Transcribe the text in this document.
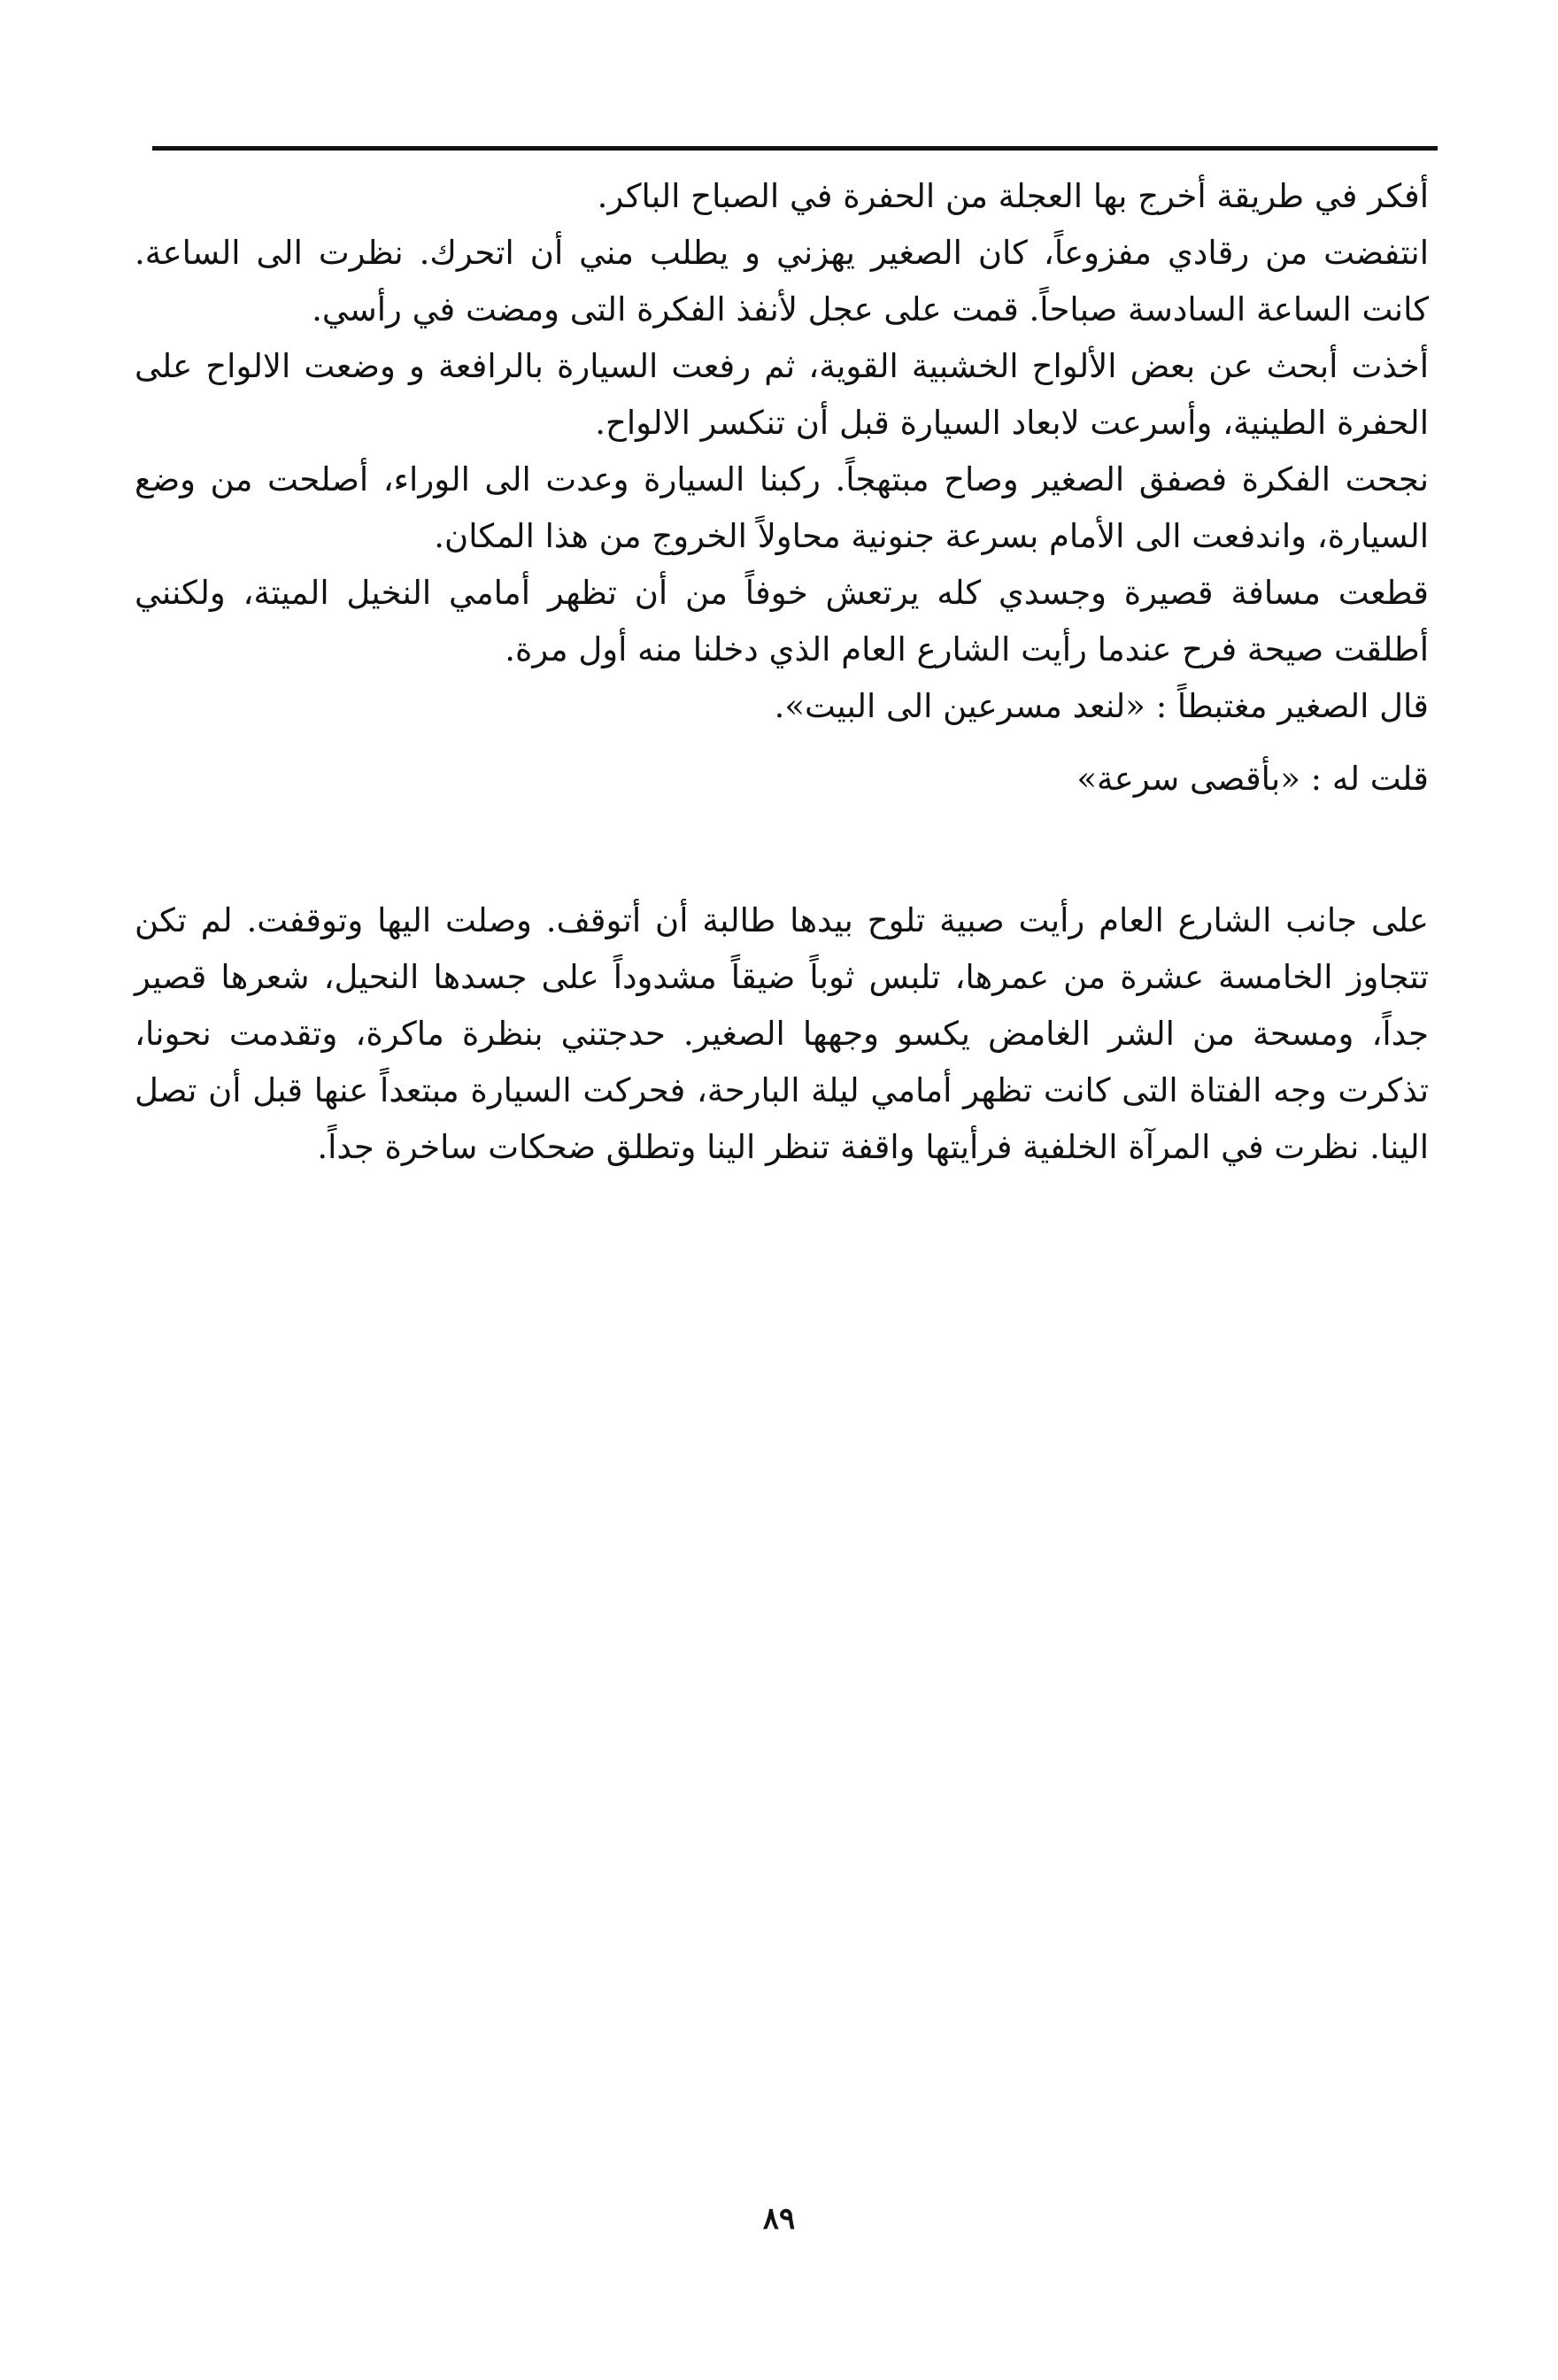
أفكر في طريقة أخرج بها العجلة من الحفرة في الصباح الباكر.

انتفضت من رقادي مفزوعاً، كان الصغير يهزني و يطلب مني أن اتحرك. نظرت الى الساعة. كانت الساعة السادسة صباحاً. قمت على عجل لأنفذ الفكرة التى ومضت في رأسي.

أخذت أبحث عن بعض الألواح الخشبية القوية، ثم رفعت السيارة بالرافعة و وضعت الالواح على الحفرة الطينية، وأسرعت لابعاد السيارة قبل أن تنكسر الالواح.

نجحت الفكرة فصفق الصغير وصاح مبتهجاً. ركبنا السيارة وعدت الى الوراء، أصلحت من وضع السيارة، واندفعت الى الأمام بسرعة جنونية محاولاً الخروج من هذا المكان.

قطعت مسافة قصيرة وجسدي كله يرتعش خوفاً من أن تظهر أمامي النخيل الميتة، ولكنني أطلقت صيحة فرح عندما رأيت الشارع العام الذي دخلنا منه أول مرة.

قال الصغير مغتبطاً : «لنعد مسرعين الى البيت».

قلت له : «بأقصى سرعة»

على جانب الشارع العام رأيت صبية تلوح بيدها طالبة أن أتوقف. وصلت اليها وتوقفت. لم تكن تتجاوز الخامسة عشرة من عمرها، تلبس ثوباً ضيقاً مشدوداً على جسدها النحيل، شعرها قصير جداً، ومسحة من الشر الغامض يكسو وجهها الصغير. حدجتني بنظرة ماكرة، وتقدمت نحونا، تذكرت وجه الفتاة التى كانت تظهر أمامي ليلة البارحة، فحركت السيارة مبتعداً عنها قبل أن تصل الينا. نظرت في المرآة الخلفية فرأيتها واقفة تنظر الينا وتطلق ضحكات ساخرة جداً.

٨٩
